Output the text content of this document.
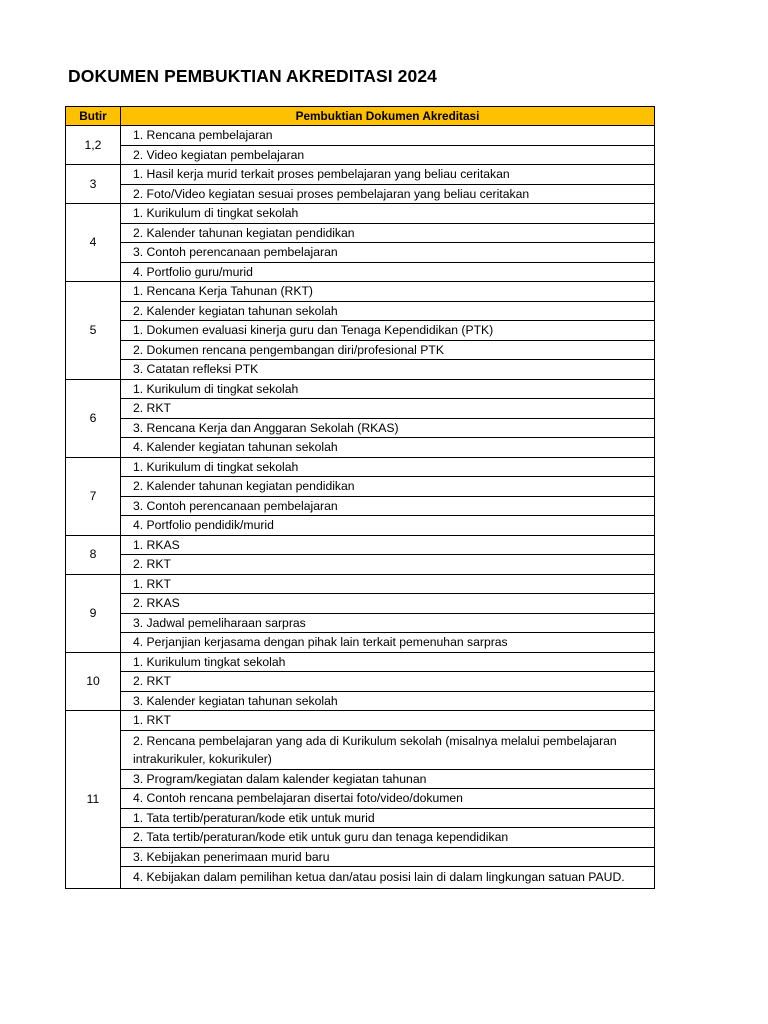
DOKUMEN PEMBUKTIAN AKREDITASI 2024
Butir	Pembuktian Dokumen Akreditasi
1,2	1. Rencana pembelajaran
	2. Video kegiatan pembelajaran
3	1. Hasil kerja murid terkait proses pembelajaran yang beliau ceritakan
	2. Foto/Video kegiatan sesuai proses pembelajaran yang beliau ceritakan
4	1. Kurikulum di tingkat sekolah
	2. Kalender tahunan kegiatan pendidikan
	3. Contoh perencanaan pembelajaran
	4. Portfolio guru/murid
5	1. Rencana Kerja Tahunan (RKT)
	2. Kalender kegiatan tahunan sekolah
	1. Dokumen evaluasi kinerja guru dan Tenaga Kependidikan (PTK)
	2. Dokumen rencana pengembangan diri/profesional PTK
	3. Catatan refleksi PTK
6	1. Kurikulum di tingkat sekolah
	2. RKT
	3. Rencana Kerja dan Anggaran Sekolah (RKAS)
	4. Kalender kegiatan tahunan sekolah
7	1. Kurikulum di tingkat sekolah
	2. Kalender tahunan kegiatan pendidikan
	3. Contoh perencanaan pembelajaran
	4. Portfolio pendidik/murid
8	1. RKAS
	2. RKT
9	1. RKT
	2. RKAS
	3. Jadwal pemeliharaan sarpras
	4. Perjanjian kerjasama dengan pihak lain terkait pemenuhan sarpras
10	1. Kurikulum tingkat sekolah
	2. RKT
	3. Kalender kegiatan tahunan sekolah
11	1. RKT
	2. Rencana pembelajaran yang ada di Kurikulum sekolah (misalnya melalui pembelajaran intrakurikuler, kokurikuler)
	3. Program/kegiatan dalam kalender kegiatan tahunan
	4. Contoh rencana pembelajaran disertai foto/video/dokumen
	1. Tata tertib/peraturan/kode etik untuk murid
	2. Tata tertib/peraturan/kode etik untuk guru dan tenaga kependidikan
	3. Kebijakan penerimaan murid baru
	4. Kebijakan dalam pemilihan ketua dan/atau posisi lain di dalam lingkungan satuan PAUD.
